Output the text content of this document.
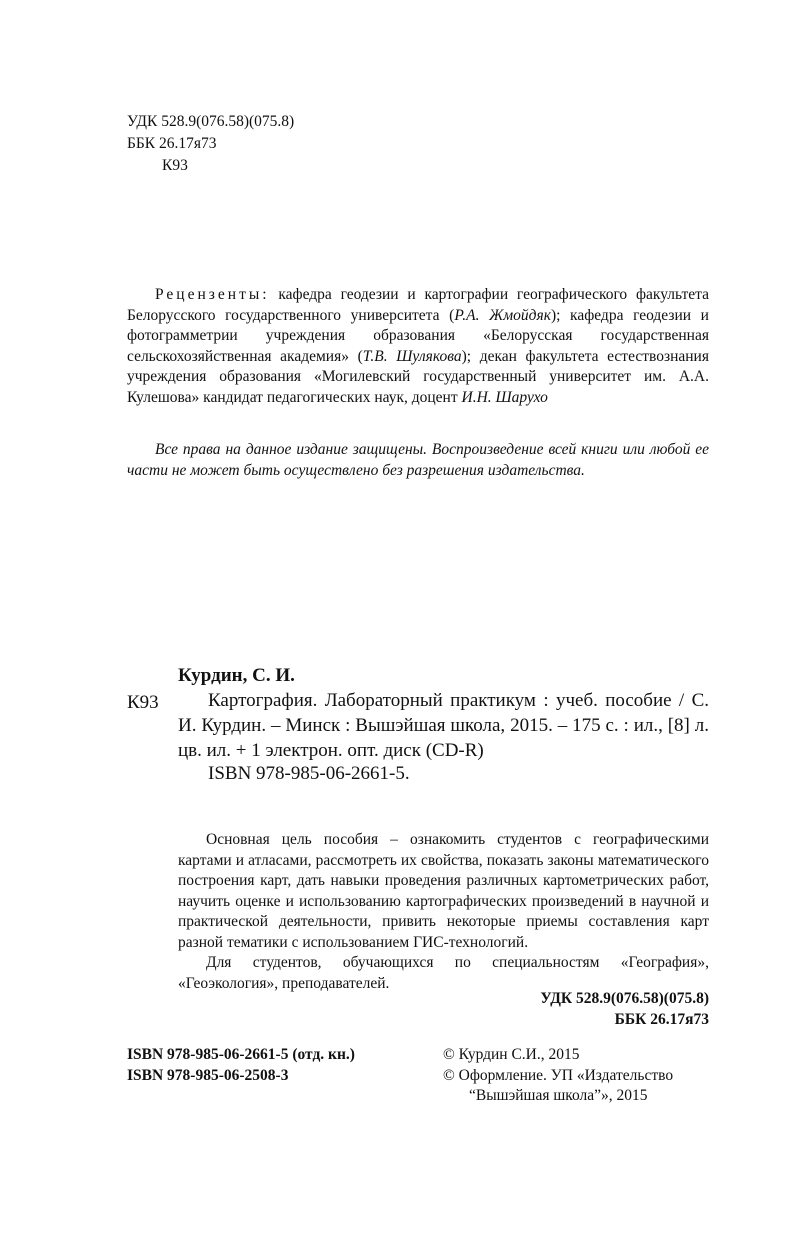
УДК 528.9(076.58)(075.8)
ББК 26.17я73
К93

Рецензенты: кафедра геодезии и картографии географического факультета Белорусского государственного университета (Р.А. Жмойдяк); кафедра геодезии и фотограмметрии учреждения образования «Белорусская государственная сельскохозяйственная академия» (Т.В. Шулякова); декан факультета естествознания учреждения образования «Могилевский государственный университет им. А.А. Кулешова» кандидат педагогических наук, доцент И.Н. Шарухо

Все права на данное издание защищены. Воспроизведение всей книги или любой ее части не может быть осуществлено без разрешения издательства.

Курдин, С. И.
К93	Картография. Лабораторный практикум : учеб. пособие / С. И. Курдин. – Минск : Вышэйшая школа, 2015. – 175 с. : ил., [8] л. цв. ил. + 1 электрон. опт. диск (CD-R)

ISBN 978-985-06-2661-5.

Основная цель пособия – ознакомить студентов с географическими картами и атласами, рассмотреть их свойства, показать законы математического построения карт, дать навыки проведения различных картометрических работ, научить оценке и использованию картографических произведений в научной и практической деятельности, привить некоторые приемы составления карт разной тематики с использованием ГИС-технологий.

Для студентов, обучающихся по специальностям «География», «Геоэкология», преподавателей.

УДК 528.9(076.58)(075.8)
ББК 26.17я73
ISBN 978-985-06-2661-5 (отд. кн.)
ISBN 978-985-06-2508-3
© Курдин С.И., 2015
© Оформление. УП «Издательство
“Вышэйшая школа”», 2015
